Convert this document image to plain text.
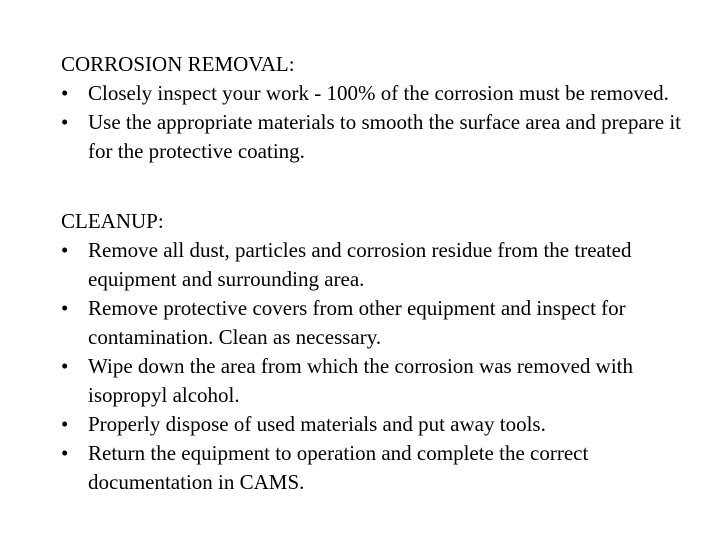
CORROSION REMOVAL:

• Closely inspect your work - 100% of the corrosion must be removed.
• Use the appropriate materials to smooth the surface area and prepare it for the protective coating.

CLEANUP:

• Remove all dust, particles and corrosion residue from the treated equipment and surrounding area.
• Remove protective covers from other equipment and inspect for contamination. Clean as necessary.
• Wipe down the area from which the corrosion was removed with isopropyl alcohol.
• Properly dispose of used materials and put away tools.
• Return the equipment to operation and complete the correct documentation in CAMS.
